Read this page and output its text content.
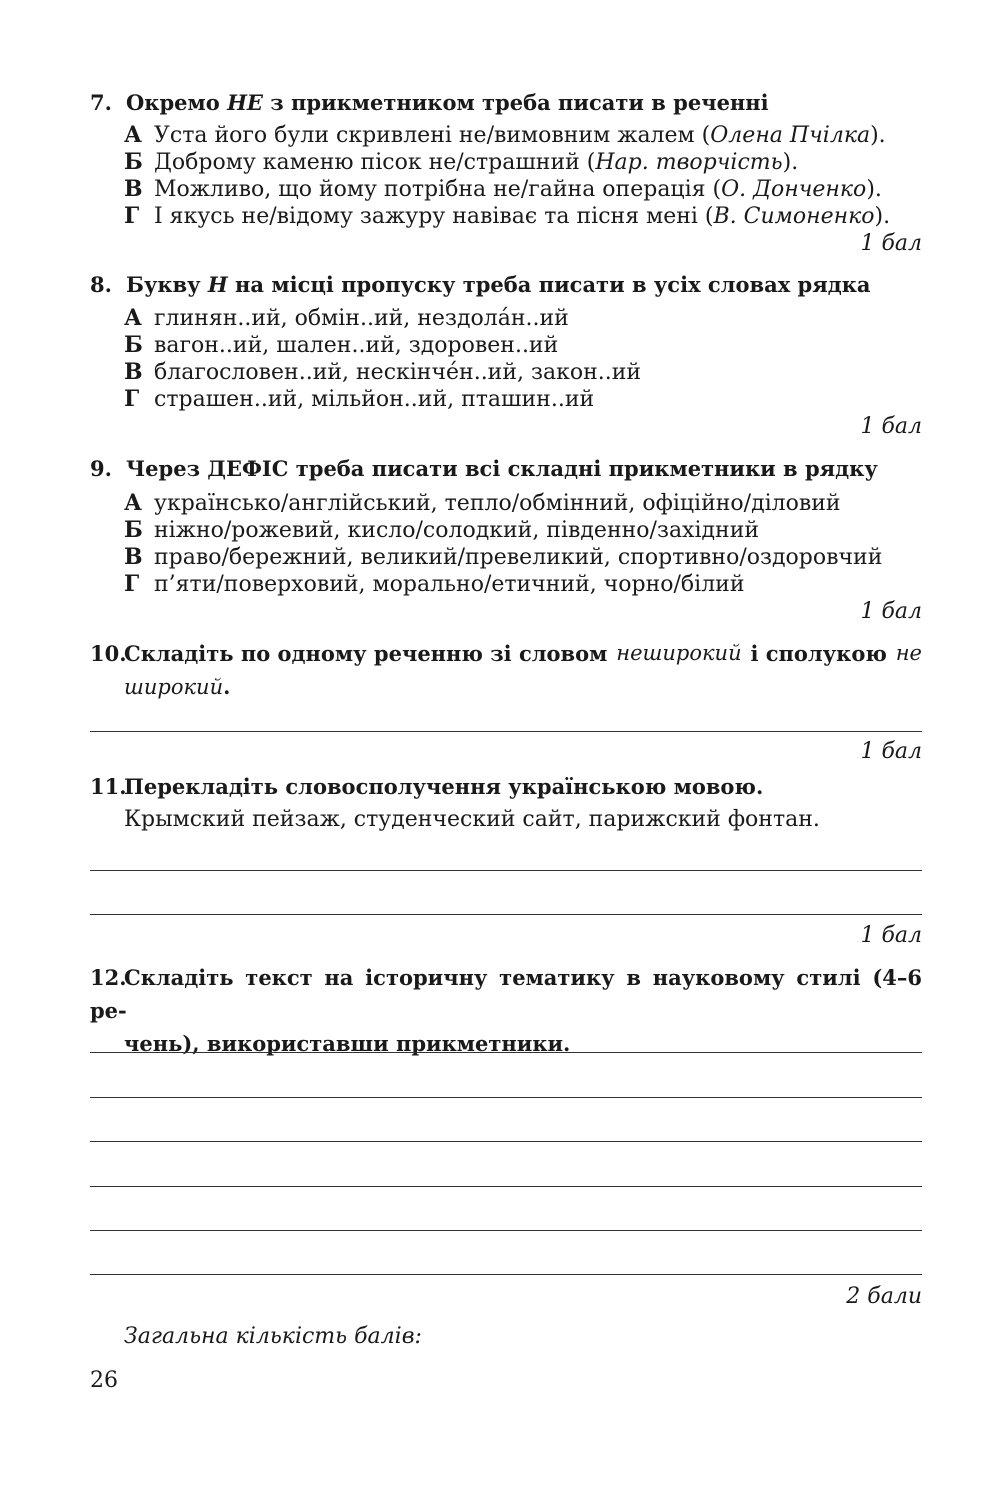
7. Окремо НЕ з прикметником треба писати в реченні
А Уста його були скривлені не/вимовним жалем (Олена Пчілка).
Б Доброму каменю пісок не/страшний (Нар. творчість).
В Можливо, що йому потрібна не/гайна операція (О. Донченко).
Г І якусь не/відому зажуру навіває та пісня мені (В. Симоненко).
1 бал
8. Букву Н на місці пропуску треба писати в усіх словах рядка
А глинян..ий, обмін..ий, нездола́н..ий
Б вагон..ий, шален..ий, здоровен..ий
В благословен..ий, нескінче́н..ий, закон..ий
Г страшен..ий, мільйон..ий, пташин..ий
1 бал
9. Через ДЕФІС треба писати всі складні прикметники в рядку
А українсько/англійський, тепло/обмінний, офіційно/діловий
Б ніжно/рожевий, кисло/солодкий, південно/західний
В право/бережний, великий/превеликий, спортивно/оздоровчий
Г п’яти/поверховий, морально/етичний, чорно/білий
1 бал
10.Складіть по одному реченню зі словом неширокий і сполукою не
широкий.
1 бал
11.Перекладіть словосполучення українською мовою.
Крымский пейзаж, студенческий сайт, парижский фонтан.
1 бал
12.Складіть текст на історичну тематику в науковому стилі (4–6 ре-
чень), використавши прикметники.
2 бали
Загальна кількість балів:
26
